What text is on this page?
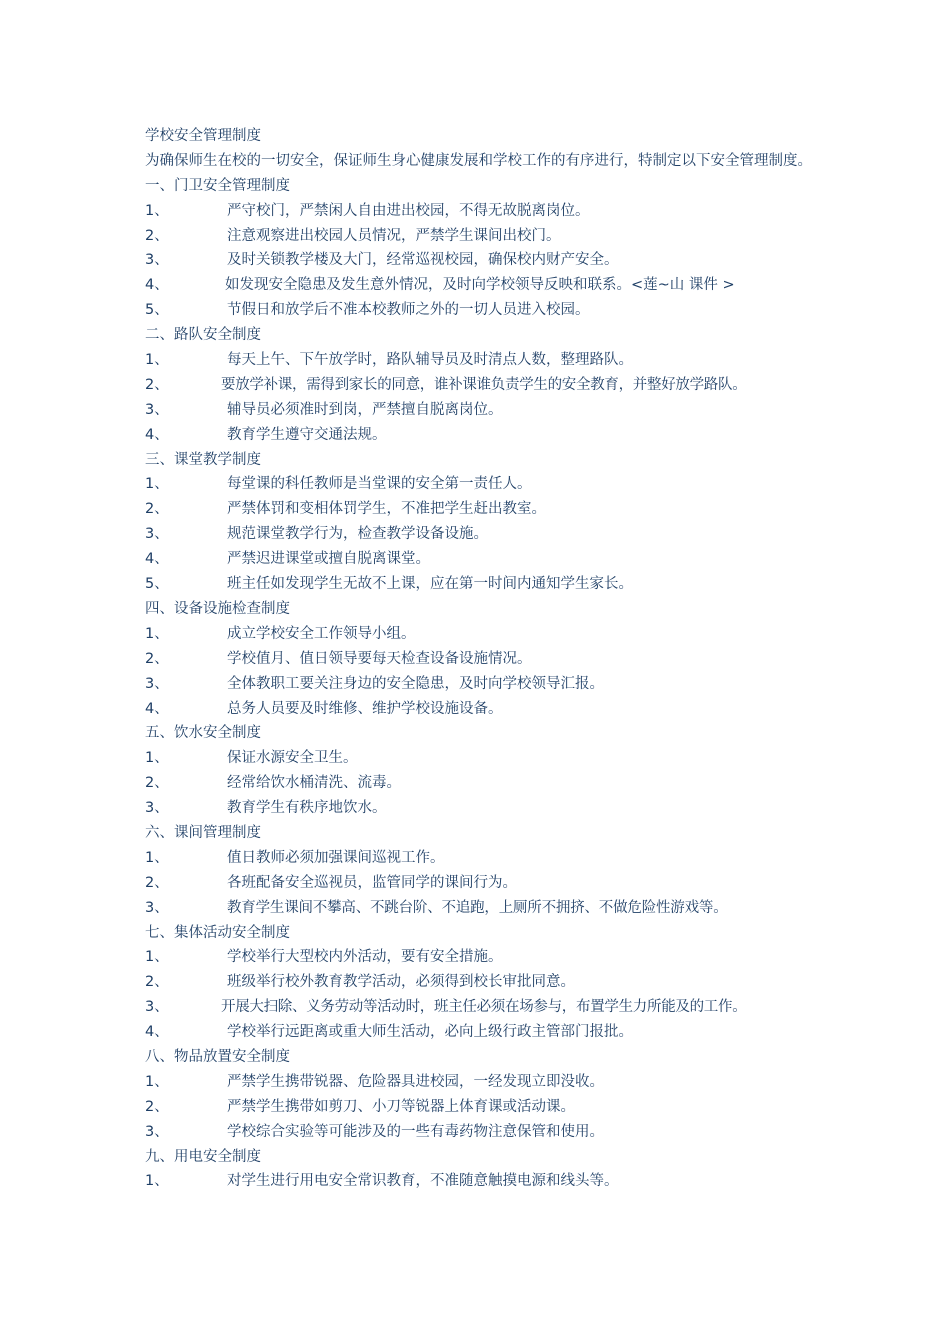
学校安全管理制度
为确保师生在校的一切安全，保证师生身心健康发展和学校工作的有序进行，特制定以下安全管理制度。
一、门卫安全管理制度
1、	严守校门，严禁闲人自由进出校园，不得无故脱离岗位。
2、	注意观察进出校园人员情况，严禁学生课间出校门。
3、	及时关锁教学楼及大门，经常巡视校园，确保校内财产安全。
4、	如发现安全隐患及发生意外情况，及时向学校领导反映和联系。<莲~山 课件 >
5、	节假日和放学后不准本校教师之外的一切人员进入校园。
二、路队安全制度
1、	每天上午、下午放学时，路队辅导员及时清点人数，整理路队。
2、	要放学补课，需得到家长的同意，谁补课谁负责学生的安全教育，并整好放学路队。
3、	辅导员必须准时到岗，严禁擅自脱离岗位。
4、	教育学生遵守交通法规。
三、课堂教学制度
1、	每堂课的科任教师是当堂课的安全第一责任人。
2、	严禁体罚和变相体罚学生，不准把学生赶出教室。
3、	规范课堂教学行为，检查教学设备设施。
4、	严禁迟进课堂或擅自脱离课堂。
5、	班主任如发现学生无故不上课，应在第一时间内通知学生家长。
四、设备设施检查制度
1、	成立学校安全工作领导小组。
2、	学校值月、值日领导要每天检查设备设施情况。
3、	全体教职工要关注身边的安全隐患，及时向学校领导汇报。
4、	总务人员要及时维修、维护学校设施设备。
五、饮水安全制度
1、	保证水源安全卫生。
2、	经常给饮水桶清洗、流毒。
3、	教育学生有秩序地饮水。
六、课间管理制度
1、	值日教师必须加强课间巡视工作。
2、	各班配备安全巡视员，监管同学的课间行为。
3、	教育学生课间不攀高、不跳台阶、不追跑，上厕所不拥挤、不做危险性游戏等。
七、集体活动安全制度
1、	学校举行大型校内外活动，要有安全措施。
2、	班级举行校外教育教学活动，必须得到校长审批同意。
3、	开展大扫除、义务劳动等活动时，班主任必须在场参与，布置学生力所能及的工作。
4、	学校举行远距离或重大师生活动，必向上级行政主管部门报批。
八、物品放置安全制度
1、	严禁学生携带锐器、危险器具进校园，一经发现立即没收。
2、	严禁学生携带如剪刀、小刀等锐器上体育课或活动课。
3、	学校综合实验等可能涉及的一些有毒药物注意保管和使用。
九、用电安全制度
1、	对学生进行用电安全常识教育，不准随意触摸电源和线头等。
